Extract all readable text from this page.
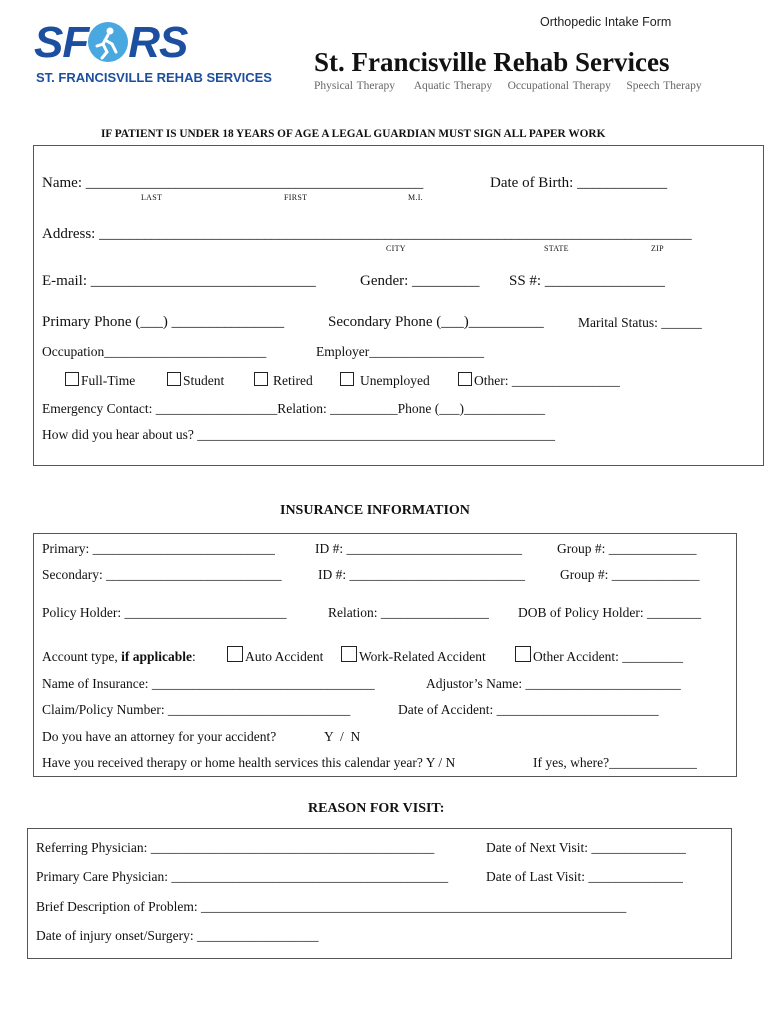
Orthopedic Intake Form
SF RS
ST. FRANCISVILLE REHAB SERVICES
St. Francisville Rehab Services
Physical Therapy Aquatic Therapy Occupational Therapy Speech Therapy
IF PATIENT IS UNDER 18 YEARS OF AGE A LEGAL GUARDIAN MUST SIGN ALL PAPER WORK
Name: _____________________________________________
LAST	FIRST	M.I.
Date of Birth: ____________
Address: _______________________________________________________________________________
CITY	STATE	ZIP
E-mail: ______________________________	Gender: _________ SS #: ________________
Primary Phone (___) _______________	Secondary Phone (___)__________	Marital Status: ______
Occupation________________________	Employer_________________
Full-Time	Student	Retired	Unemployed	Other: ________________
Emergency Contact: __________________Relation: __________Phone (___)____________
How did you hear about us? _____________________________________________________
INSURANCE INFORMATION
Primary: ___________________________	ID #: __________________________	Group #: _____________
Secondary: __________________________	ID #: __________________________	Group #: _____________
Policy Holder: ________________________	Relation: ________________ DOB of Policy Holder: ________
Account type, if applicable:	Auto Accident	Work-Related Accident	Other Accident: _________
Name of Insurance: _________________________________	Adjustor’s Name: _______________________
Claim/Policy Number: ___________________________	Date of Accident: ________________________
Do you have an attorney for your accident?	Y  /  N
Have you received therapy or home health services this calendar year? Y / N	If yes, where?_____________
REASON FOR VISIT:
Referring Physician: __________________________________________	Date of Next Visit: ______________
Primary Care Physician: _________________________________________	Date of Last Visit: ______________
Brief Description of Problem: _______________________________________________________________
Date of injury onset/Surgery: __________________
